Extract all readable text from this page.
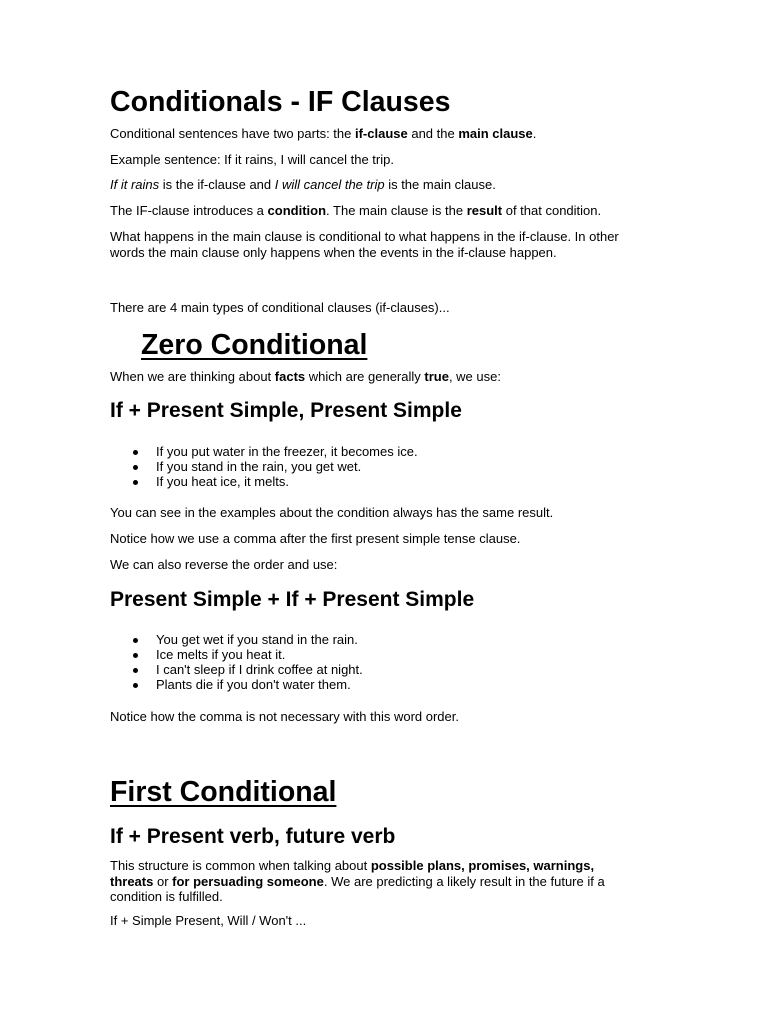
Conditionals - IF Clauses
Conditional sentences have two parts: the if-clause and the main clause.
Example sentence: If it rains, I will cancel the trip.
If it rains is the if-clause and I will cancel the trip is the main clause.
The IF-clause introduces a condition. The main clause is the result of that condition.
What happens in the main clause is conditional to what happens in the if-clause. In other words the main clause only happens when the events in the if-clause happen.
There are 4 main types of conditional clauses (if-clauses)...
Zero Conditional
When we are thinking about facts which are generally true, we use:
If + Present Simple, Present Simple
If you put water in the freezer, it becomes ice.
If you stand in the rain, you get wet.
If you heat ice, it melts.
You can see in the examples about the condition always has the same result.
Notice how we use a comma after the first present simple tense clause.
We can also reverse the order and use:
Present Simple + If + Present Simple
You get wet if you stand in the rain.
Ice melts if you heat it.
I can't sleep if I drink coffee at night.
Plants die if you don't water them.
Notice how the comma is not necessary with this word order.
First Conditional
If + Present verb, future verb
This structure is common when talking about possible plans, promises, warnings,
threats or for persuading someone. We are predicting a likely result in the future if a
condition is fulfilled.
If + Simple Present, Will / Won't ...
